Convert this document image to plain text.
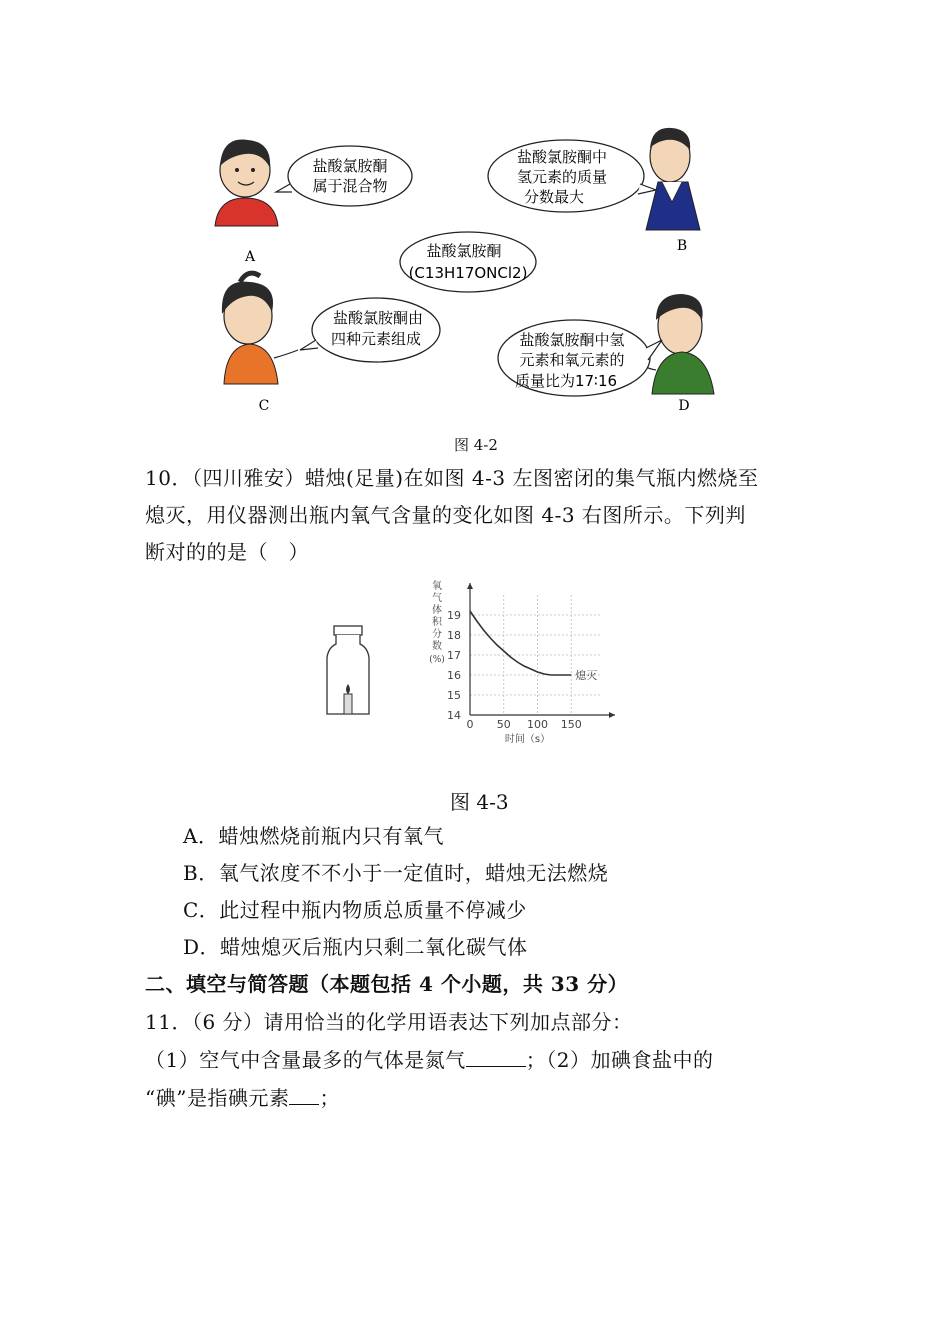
A
盐酸氯胺酮
属于混合物
B
盐酸氯胺酮中
氢元素的质量
分数最大
盐酸氯胺酮
(C13H17ONCl2)
C
盐酸氯胺酮由
四种元素组成
D
盐酸氯胺酮中氢
元素和氧元素的
质量比为17∶16
图 4-2
10．（四川雅安）蜡烛(足量)在如图 4-3 左图密闭的集气瓶内燃烧至
熄灭，用仪器测出瓶内氧气含量的变化如图 4-3 右图所示。下列判
断对的的是（　）
14
15
16
17
18
19
0 50 100 150
熄灭
时间（s）
氧
气
体
积
分
数
(%)
图 4-3
A．蜡烛燃烧前瓶内只有氧气
B．氧气浓度不不小于一定值时，蜡烛无法燃烧
C．此过程中瓶内物质总质量不停减少
D．蜡烛熄灭后瓶内只剩二氧化碳气体
二、填空与简答题（本题包括 4 个小题，共 33 分）
11．（6 分）请用恰当的化学用语表达下列加点部分：
（1）空气中含量最多的气体是氮气	；（2）加碘食盐中的
“碘”是指碘元素 ；
